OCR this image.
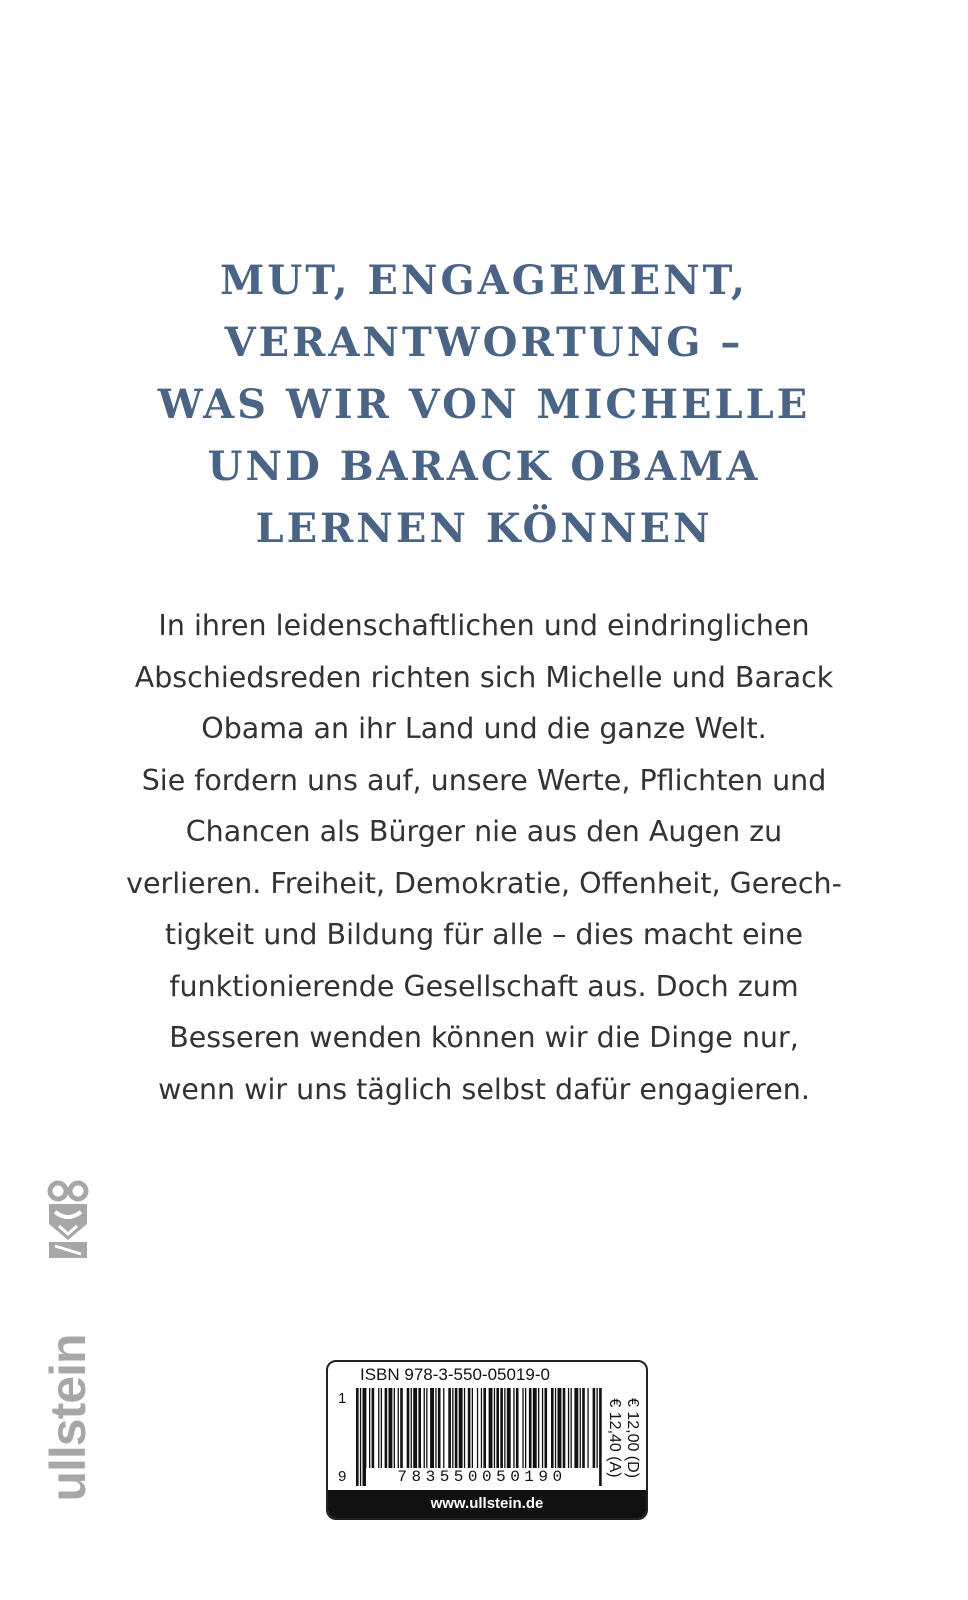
MUT, ENGAGEMENT,
VERANTWORTUNG –
WAS WIR VON MICHELLE
UND BARACK OBAMA
LERNEN KÖNNEN
In ihren leidenschaftlichen und eindringlichen
Abschiedsreden richten sich Michelle und Barack
Obama an ihr Land und die ganze Welt.
Sie fordern uns auf, unsere Werte, Pflichten und
Chancen als Bürger nie aus den Augen zu
verlieren. Freiheit, Demokratie, Offenheit, Gerech-
tigkeit und Bildung für alle – dies macht eine
funktionierende Gesellschaft aus. Doch zum
Besseren wenden können wir die Dinge nur,
wenn wir uns täglich selbst dafür engagieren.
ullstein	ISBN 978-3-550-05019-0
1
9	783550050190	€ 12,00 (D)
€ 12,40 (A)
www.ullstein.de
